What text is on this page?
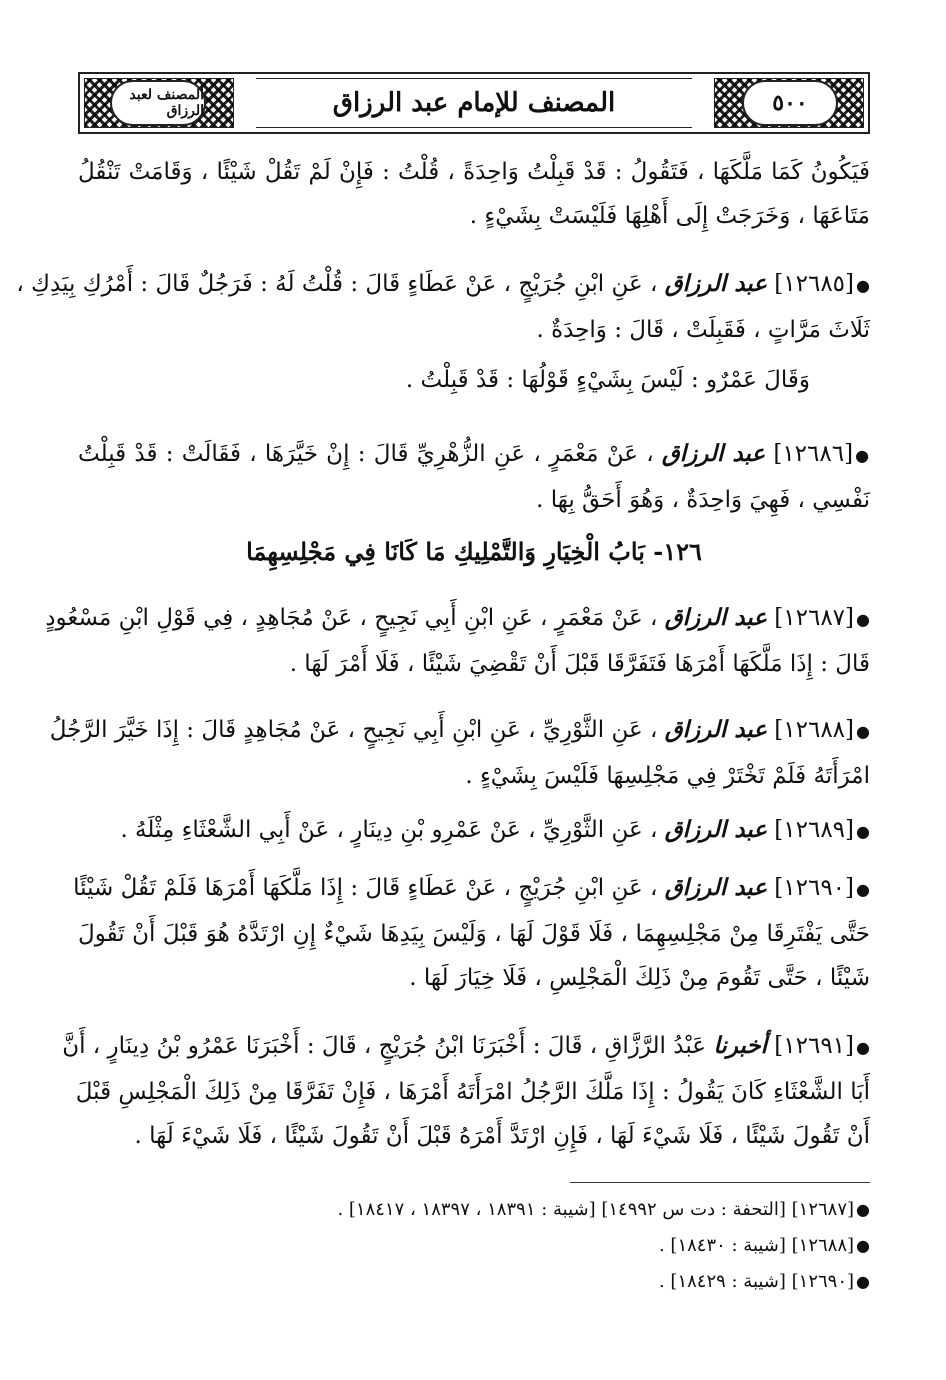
المصنف لعبد الرزاق	المصنف للإمام عبد الرزاق	٥٠٠
فَيَكُونُ كَمَا مَلَّكَهَا ، فَتَقُولُ : قَدْ قَبِلْتُ وَاحِدَةً ، قُلْتُ : فَإِنْ لَمْ تَقُلْ شَيْئًا ، وَقَامَتْ تَنْقُلُ
مَتَاعَهَا ، وَخَرَجَتْ إِلَى أَهْلِهَا فَلَيْسَتْ بِشَيْءٍ .
●[١٢٦٨٥] عبد الرزاق ، عَنِ ابْنِ جُرَيْجٍ ، عَنْ عَطَاءٍ قَالَ : قُلْتُ لَهُ : فَرَجُلٌ قَالَ : أَمْرُكِ بِيَدِكِ ،
ثَلَاثَ مَرَّاتٍ ، فَقَبِلَتْ ، قَالَ : وَاحِدَةٌ .
وَقَالَ عَمْرٌو : لَيْسَ بِشَيْءٍ قَوْلُهَا : قَدْ قَبِلْتُ .
●[١٢٦٨٦] عبد الرزاق ، عَنْ مَعْمَرٍ ، عَنِ الزُّهْرِيِّ قَالَ : إِنْ خَيَّرَهَا ، فَقَالَتْ : قَدْ قَبِلْتُ
نَفْسِي ، فَهِيَ وَاحِدَةٌ ، وَهُوَ أَحَقُّ بِهَا .
١٢٦- بَابُ الْخِيَارِ وَالتَّمْلِيكِ مَا كَانَا فِي مَجْلِسِهِمَا
●[١٢٦٨٧] عبد الرزاق ، عَنْ مَعْمَرٍ ، عَنِ ابْنِ أَبِي نَجِيحٍ ، عَنْ مُجَاهِدٍ ، فِي قَوْلِ ابْنِ مَسْعُودٍ
قَالَ : إِذَا مَلَّكَهَا أَمْرَهَا فَتَفَرَّقَا قَبْلَ أَنْ تَقْضِيَ شَيْئًا ، فَلَا أَمْرَ لَهَا .
●[١٢٦٨٨] عبد الرزاق ، عَنِ الثَّوْرِيِّ ، عَنِ ابْنِ أَبِي نَجِيحٍ ، عَنْ مُجَاهِدٍ قَالَ : إِذَا خَيَّرَ الرَّجُلُ
امْرَأَتَهُ فَلَمْ تَخْتَرْ فِي مَجْلِسِهَا فَلَيْسَ بِشَيْءٍ .
●[١٢٦٨٩] عبد الرزاق ، عَنِ الثَّوْرِيِّ ، عَنْ عَمْرِو بْنِ دِينَارٍ ، عَنْ أَبِي الشَّعْثَاءِ مِثْلَهُ .
●[١٢٦٩٠] عبد الرزاق ، عَنِ ابْنِ جُرَيْجٍ ، عَنْ عَطَاءٍ قَالَ : إِذَا مَلَّكَهَا أَمْرَهَا فَلَمْ تَقُلْ شَيْئًا
حَتَّى يَفْتَرِقَا مِنْ مَجْلِسِهِمَا ، فَلَا قَوْلَ لَهَا ، وَلَيْسَ بِيَدِهَا شَيْءٌ إِنِ ارْتَدَّهُ هُوَ قَبْلَ أَنْ تَقُولَ
شَيْئًا ، حَتَّى تَقُومَ مِنْ ذَلِكَ الْمَجْلِسِ ، فَلَا خِيَارَ لَهَا .
●[١٢٦٩١] أخبرنا عَبْدُ الرَّزَّاقِ ، قَالَ : أَخْبَرَنَا ابْنُ جُرَيْجٍ ، قَالَ : أَخْبَرَنَا عَمْرُو بْنُ دِينَارٍ ، أَنَّ
أَبَا الشَّعْثَاءِ كَانَ يَقُولُ : إِذَا مَلَّكَ الرَّجُلُ امْرَأَتَهُ أَمْرَهَا ، فَإِنْ تَفَرَّقَا مِنْ ذَلِكَ الْمَجْلِسِ قَبْلَ
أَنْ تَقُولَ شَيْئًا ، فَلَا شَيْءَ لَهَا ، فَإِنِ ارْتَدَّ أَمْرَهُ قَبْلَ أَنْ تَقُولَ شَيْئًا ، فَلَا شَيْءَ لَهَا .
●[١٢٦٨٧] [التحفة : دت س ١٤٩٩٢] [شيبة : ١٨٣٩١ ، ١٨٣٩٧ ، ١٨٤١٧] .
●[١٢٦٨٨] [شيبة : ١٨٤٣٠] .
●[١٢٦٩٠] [شيبة : ١٨٤٢٩] .
